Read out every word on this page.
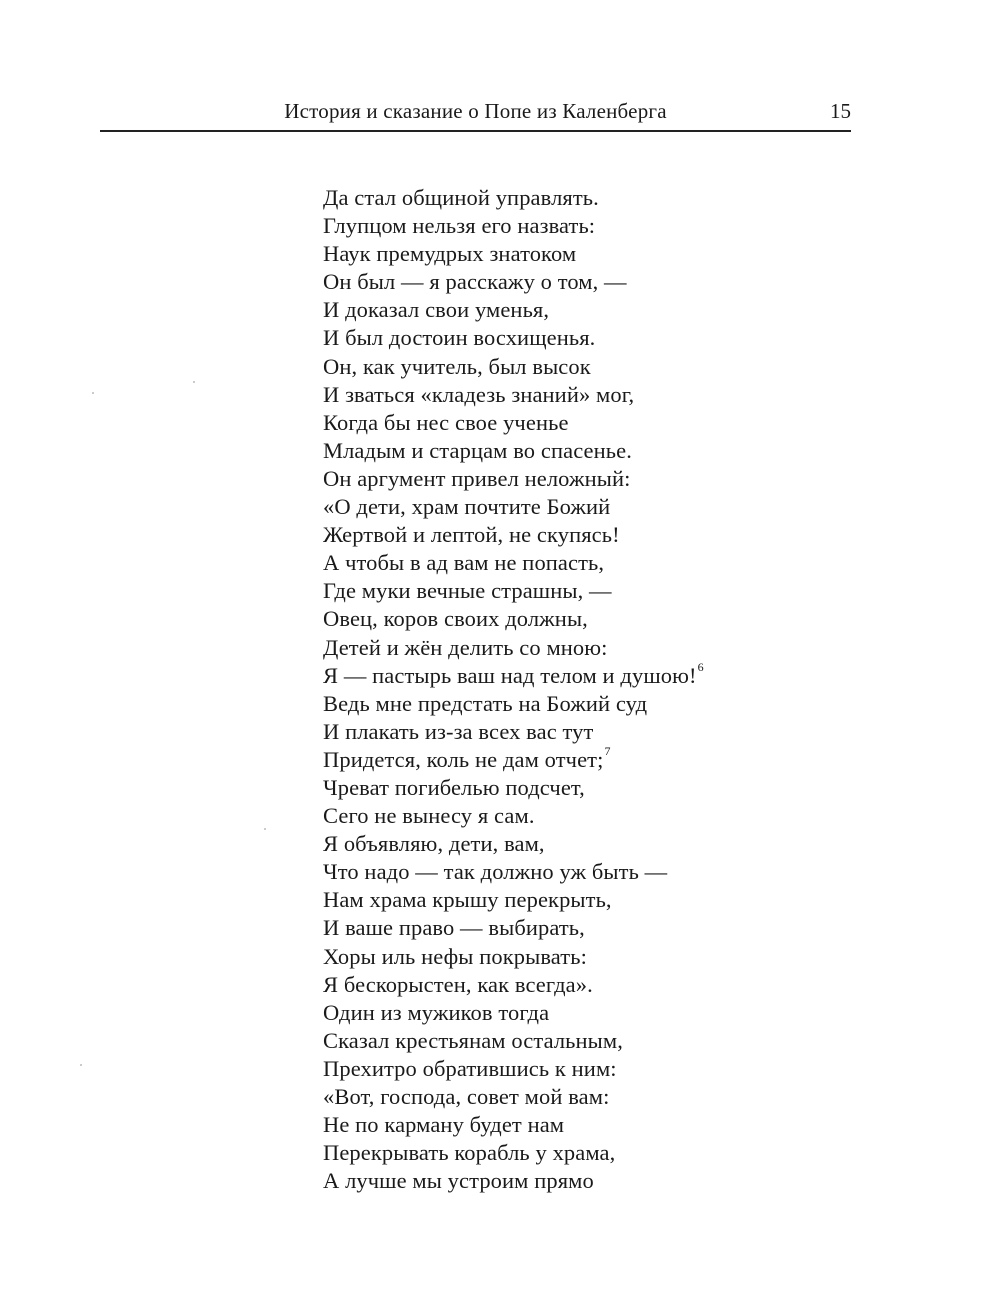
История и сказание о Попе из Каленберга	15
Да стал общиной управлять.
Глупцом нельзя его назвать:
Наук премудрых знатоком
Он был — я расскажу о том, —
И доказал свои уменья,
И был достоин восхищенья.
Он, как учитель, был высок
И зваться «кладезь знаний» мог,
Когда бы нес свое ученье
Младым и старцам во спасенье.
Он аргумент привел неложный:
«О дети, храм почтите Божий
Жертвой и лептой, не скупясь!
А чтобы в ад вам не попасть,
Где муки вечные страшны, —
Овец, коров своих должны,
Детей и жён делить со мною:
Я — пастырь ваш над телом и душою!$^6$
Ведь мне предстать на Божий суд
И плакать из-за всех вас тут
Придется, коль не дам отчет;$^7$
Чреват погибелью подсчет,
Сего не вынесу я сам.
Я объявляю, дети, вам,
Что надо — так должно уж быть —
Нам храма крышу перекрыть,
И ваше право — выбирать,
Хоры иль нефы покрывать:
Я бескорыстен, как всегда».
Один из мужиков тогда
Сказал крестьянам остальным,
Прехитро обратившись к ним:
«Вот, господа, совет мой вам:
Не по карману будет нам
Перекрывать корабль у храма,
А лучше мы устроим прямо
